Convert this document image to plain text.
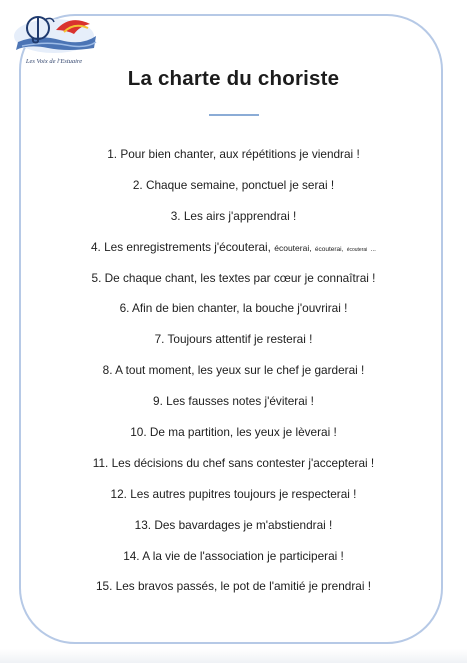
Les Voix de l'Estuaire
La charte du choriste
1. Pour bien chanter, aux répétitions je viendrai !
2. Chaque semaine, ponctuel je serai !
3. Les airs j'apprendrai !
4. Les enregistrements j'écouterai, écouterai, écouterai, écouterai ...
5. De chaque chant, les textes par cœur je connaîtrai !
6. Afin de bien chanter, la bouche j'ouvrirai !
7. Toujours attentif je resterai !
8. A tout moment, les yeux sur le chef je garderai !
9. Les fausses notes j'éviterai !
10. De ma partition, les yeux je lèverai !
11. Les décisions du chef sans contester j'accepterai !
12. Les autres pupitres toujours je respecterai !
13. Des bavardages je m'abstiendrai !
14. A la vie de l'association je participerai !
15. Les bravos passés, le pot de l'amitié je prendrai !
